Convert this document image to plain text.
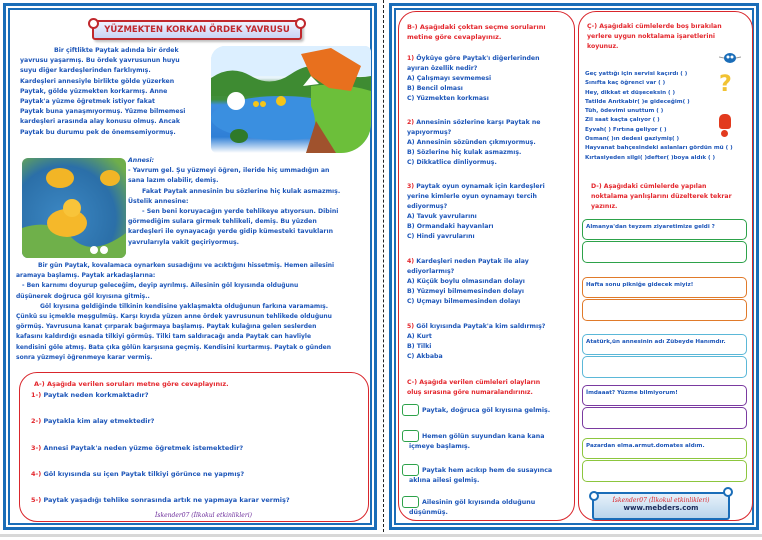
YÜZMEKTEN KORKAN ÖRDEK YAVRUSU
Bir çiftlikte Paytak adında bir ördek
yavrusu yaşarmış. Bu ördek yavrusunun huyu
suyu diğer kardeşlerinden farklıymış.
Kardeşleri annesiyle birlikte gölde yüzerken
Paytak, gölde yüzmekten korkarmış. Anne
Paytak'a yüzme öğretmek istiyor fakat
Paytak buna yanaşmıyormuş. Yüzme bilmemesi
kardeşleri arasında alay konusu olmuş. Ancak
Paytak bu durumu pek de önemsemiyormuş.
Annesi:
- Yavrum gel. Şu yüzmeyi öğren, ileride hiç ummadığın an
sana lazım olabilir, demiş.
Fakat Paytak annesinin bu sözlerine hiç kulak asmazmış.
Üstelik annesine:
- Sen beni koruyacağın yerde tehlikeye atıyorsun. Dibini
görmediğim sulara girmek tehlikeli, demiş. Bu yüzden
kardeşleri ile oynayacağı yerde gidip kümesteki tavukların
yavrularıyla vakit geçiriyormuş.
Bir gün Paytak, kovalamaca oynarken susadığını ve acıktığını hissetmiş. Hemen ailesini
aramaya başlamış. Paytak arkadaşlarına:
- Ben karnımı doyurup geleceğim, deyip ayrılmış. Ailesinin göl kıyısında olduğunu
düşünerek doğruca göl kıyısına gitmiş..
Göl kıyısına geldiğinde tilkinin kendisine yaklaşmakta olduğunun farkına varamamış.
Çünkü su içmekle meşgulmüş. Karşı kıyıda yüzen anne ördek yavrusunun tehlikede olduğunu
görmüş. Yavrusuna kanat çırparak bağırmaya başlamış. Paytak kulağına gelen seslerden
kafasını kaldırdığı esnada tilkiyi görmüş. Tilki tam saldıracağı anda Paytak can havliyle
kendisini göle atmış. Bata çıka gölün karşısına geçmiş. Kendisini kurtarmış. Paytak o günden
sonra yüzmeyi öğrenmeye karar vermiş.
A-) Aşağıda verilen soruları metne göre cevaplayınız.
1-) Paytak neden korkmaktadır?
2-) Paytakla kim alay etmektedir?
3-) Annesi Paytak'a neden yüzme öğretmek istemektedir?
4-) Göl kıyısında su içen Paytak tilkiyi görünce ne yapmış?
5-) Paytak yaşadığı tehlike sonrasında artık ne yapmaya karar vermiş?
İskender07 (İlkokul etkinlikleri)
B-) Aşağıdaki çoktan seçme sorularını
metine göre cevaplayınız.
1) Öyküye göre Paytak'ı diğerlerinden
ayıran özellik nedir?
A) Çalışmayı sevmemesi
B) Bencil olması
C) Yüzmekten korkması
2) Annesinin sözlerine karşı Paytak ne
yapıyormuş?
A) Annesinin sözünden çıkmıyormuş.
B) Sözlerine hiç kulak asmazmış.
C) Dikkatlice dinliyormuş.
3) Paytak oyun oynamak için kardeşleri
yerine kimlerle oyun oynamayı tercih
ediyormuş?
A) Tavuk yavrularını
B) Ormandaki hayvanları
C) Hindi yavrularını
4) Kardeşleri neden Paytak ile alay
ediyorlarmış?
A) Küçük boylu olmasından dolayı
B) Yüzmeyi bilmemesinden dolayı
C) Uçmayı bilmemesinden dolayı
5) Göl kıyısında Paytak'a kim saldırmış?
A) Kurt
B) Tilki
C) Akbaba
C-) Aşağıda verilen cümleleri olayların
oluş sırasına göre numaralandırınız.
Paytak, doğruca göl kıyısına gelmiş.
Hemen gölün suyundan kana kana
içmeye başlamış.
Paytak hem acıkıp hem de susayınca
aklına ailesi gelmiş.
Ailesinin göl kıyısında olduğunu
düşünmüş.
Ç-) Aşağıdaki cümlelerde boş bırakılan
yerlere uygun noktalama işaretlerini
koyunuz.
?
Geç yattığı için servisi kaçırdı ( )
Sınıfta kaç öğrenci var ( )
Hey, dikkat et düşeceksin ( )
Tatilde Anıtkabir( )e gideceğim( )
Tüh, ödevimi unuttum ( )
Zil saat kaçta çalıyor ( )
Eyvah( ) Fırtına geliyor ( )
Osman( )ın dedesi gaziymiş( )
Hayvanat bahçesindeki aslanları gördün mü ( )
Kırtasiyeden silgi( )defter( )boya aldık ( )
D-) Aşağıdaki cümlelerde yapılan
noktalama yanlışlarını düzelterek tekrar
yazınız.
Almanya'dan teyzem ziyaretimize geldi ?
Hafta sonu pikniğe gidecek miyiz!
Atatürk,ün annesinin adı Zübeyde Hanımdır.
İmdaaat? Yüzme bilmiyorum!
Pazardan elma.armut.domates aldım.
İskender07 (İlkokul etkinlikleri)
www.mebders.com
